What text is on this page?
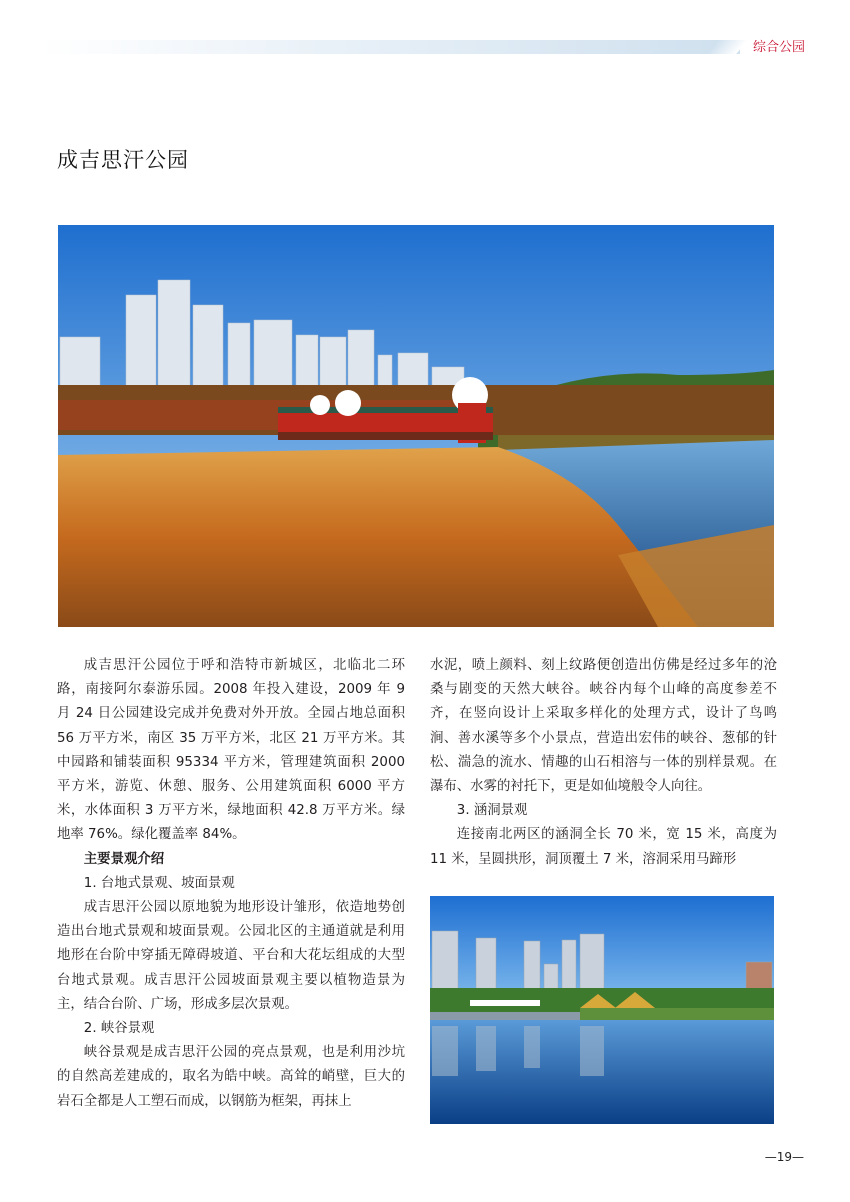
综合公园
成吉思汗公园

成吉思汗公园位于呼和浩特市新城区，北临北二环路，南接阿尔泰游乐园。2008 年投入建设，2009 年 9 月 24 日公园建设完成并免费对外开放。全园占地总面积 56 万平方米，南区 35 万平方米，北区 21 万平方米。其中园路和铺装面积 95334 平方米，管理建筑面积 2000 平方米，游览、休憩、服务、公用建筑面积 6000 平方米，水体面积 3 万平方米，绿地面积 42.8 万平方米。绿地率 76%。绿化覆盖率 84%。

主要景观介绍

1. 台地式景观、坡面景观

成吉思汗公园以原地貌为地形设计雏形，依造地势创造出台地式景观和坡面景观。公园北区的主通道就是利用地形在台阶中穿插无障碍坡道、平台和大花坛组成的大型台地式景观。成吉思汗公园坡面景观主要以植物造景为主，结合台阶、广场，形成多层次景观。

2. 峡谷景观

峡谷景观是成吉思汗公园的亮点景观，也是利用沙坑的自然高差建成的，取名为皓中峡。高耸的峭壁，巨大的岩石全都是人工塑石而成，以钢筋为框架，再抹上

水泥，喷上颜料、刻上纹路便创造出仿佛是经过多年的沧桑与剧变的天然大峡谷。峡谷内每个山峰的高度参差不齐，在竖向设计上采取多样化的处理方式，设计了鸟鸣涧、善水溪等多个小景点，营造出宏伟的峡谷、葱郁的针松、湍急的流水、情趣的山石相溶与一体的别样景观。在瀑布、水雾的衬托下，更是如仙境般令人向往。

3. 涵洞景观

连接南北两区的涵洞全长 70 米，宽 15 米，高度为 11 米，呈圆拱形，洞顶覆土 7 米，溶洞采用马蹄形

—19—
